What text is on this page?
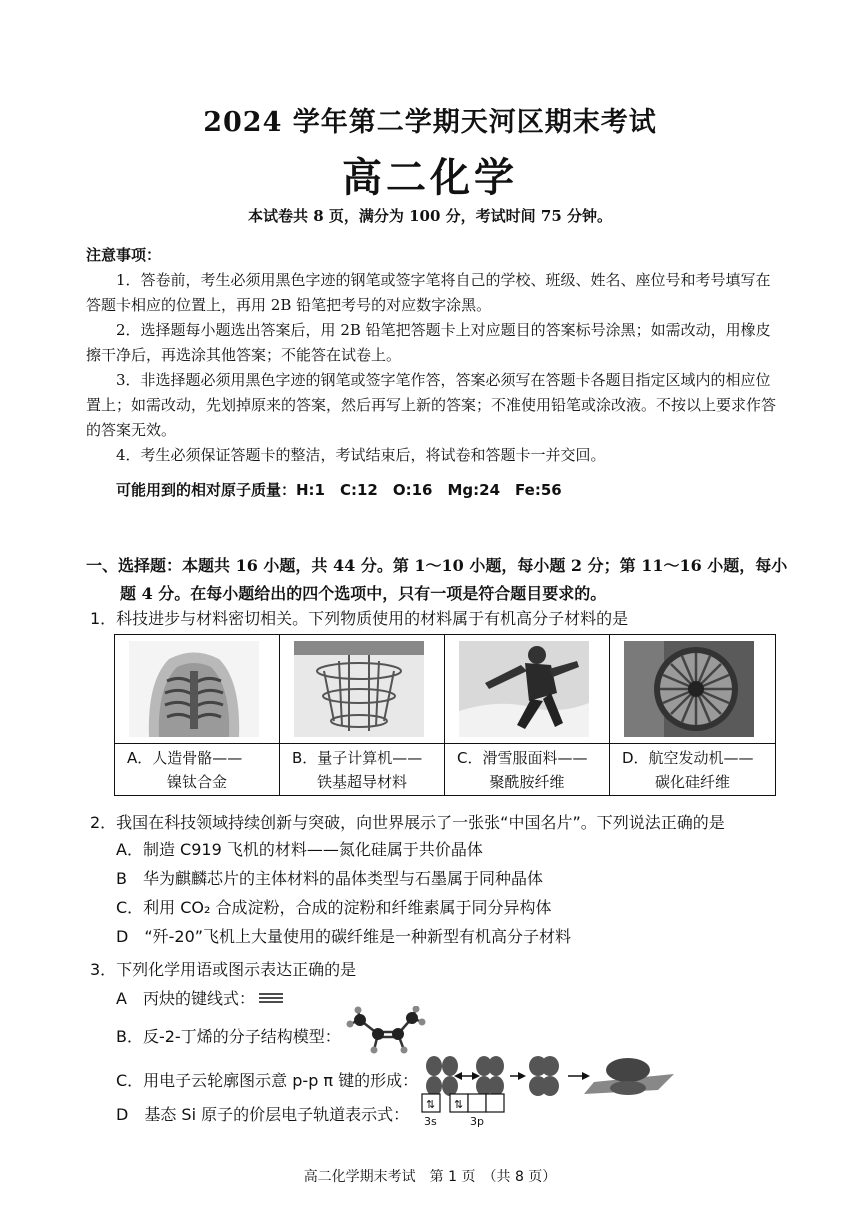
2024 学年第二学期天河区期末考试
高二化学
本试卷共 8 页，满分为 100 分，考试时间 75 分钟。
注意事项：
1．答卷前，考生必须用黑色字迹的钢笔或签字笔将自己的学校、班级、姓名、座位号和考号填写在答题卡相应的位置上，再用 2B 铅笔把考号的对应数字涂黑。
2．选择题每小题选出答案后，用 2B 铅笔把答题卡上对应题目的答案标号涂黑；如需改动，用橡皮擦干净后，再选涂其他答案；不能答在试卷上。
3．非选择题必须用黑色字迹的钢笔或签字笔作答，答案必须写在答题卡各题目指定区域内的相应位置上；如需改动，先划掉原来的答案，然后再写上新的答案；不准使用铅笔或涂改液。不按以上要求作答的答案无效。
4．考生必须保证答题卡的整洁，考试结束后，将试卷和答题卡一并交回。
可能用到的相对原子质量：H:1　C:12　O:16　Mg:24　Fe:56
一、选择题：本题共 16 小题，共 44 分。第 1～10 小题，每小题 2 分；第 11～16 小题，每小
题 4 分。在每小题给出的四个选项中，只有一项是符合题目要求的。
1．科技进步与材料密切相关。下列物质使用的材料属于有机高分子材料的是
A．人造骨骼——
镍钛合金
B．量子计算机——
铁基超导材料
C．滑雪服面料——
聚酰胺纤维
D．航空发动机——
碳化硅纤维
2．我国在科技领域持续创新与突破，向世界展示了一张张“中国名片”。下列说法正确的是
A．制造 C919 飞机的材料——氮化硅属于共价晶体
B　华为麒麟芯片的主体材料的晶体类型与石墨属于同种晶体
C．利用 CO₂ 合成淀粉，合成的淀粉和纤维素属于同分异构体
D　“歼-20”飞机上大量使用的碳纤维是一种新型有机高分子材料
3．下列化学用语或图示表达正确的是
A　丙炔的键线式：
B．反-2-丁烯的分子结构模型：
C．用电子云轮廓图示意 p-p π 键的形成：
D　基态 Si 原子的价层电子轨道表示式：
⇅ ⇅
3s	3p
高二化学期末考试　第 1 页　（共 8 页）
